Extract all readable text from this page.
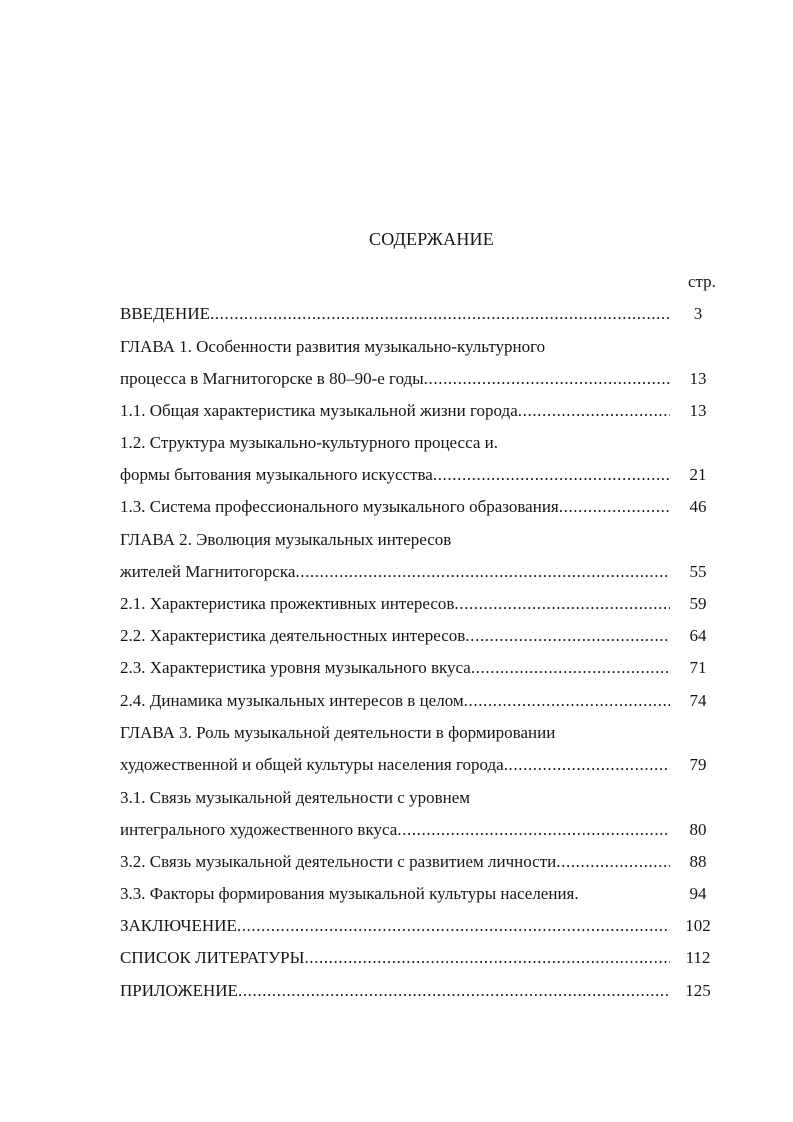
СОДЕРЖАНИЕ
стр.
ВВЕДЕНИЕ .....	3
ГЛАВА 1. Особенности развития музыкально-культурного
процесса в Магнитогорске в 80–90-е годы .....	13
1.1. Общая характеристика музыкальной жизни города .....	13
1.2. Структура музыкально-культурного процесса и.
формы бытования музыкального искусства .....	21
1.3. Система профессионального музыкального образования .....	46
ГЛАВА 2. Эволюция музыкальных интересов
жителей Магнитогорска .....	55
2.1. Характеристика прожективных интересов .....	59
2.2. Характеристика деятельностных интересов .....	64
2.3. Характеристика уровня музыкального вкуса .....	71
2.4. Динамика музыкальных интересов в целом .....	74
ГЛАВА 3. Роль музыкальной деятельности в формировании
художественной и общей культуры населения города .....	79
3.1. Связь музыкальной деятельности с уровнем
интегрального художественного вкуса .....	80
3.2. Связь музыкальной деятельности с развитием личности .....	88
3.3. Факторы формирования музыкальной культуры населения.	94
ЗАКЛЮЧЕНИЕ .....	102
СПИСОК ЛИТЕРАТУРЫ .....	112
ПРИЛОЖЕНИЕ .....	125
